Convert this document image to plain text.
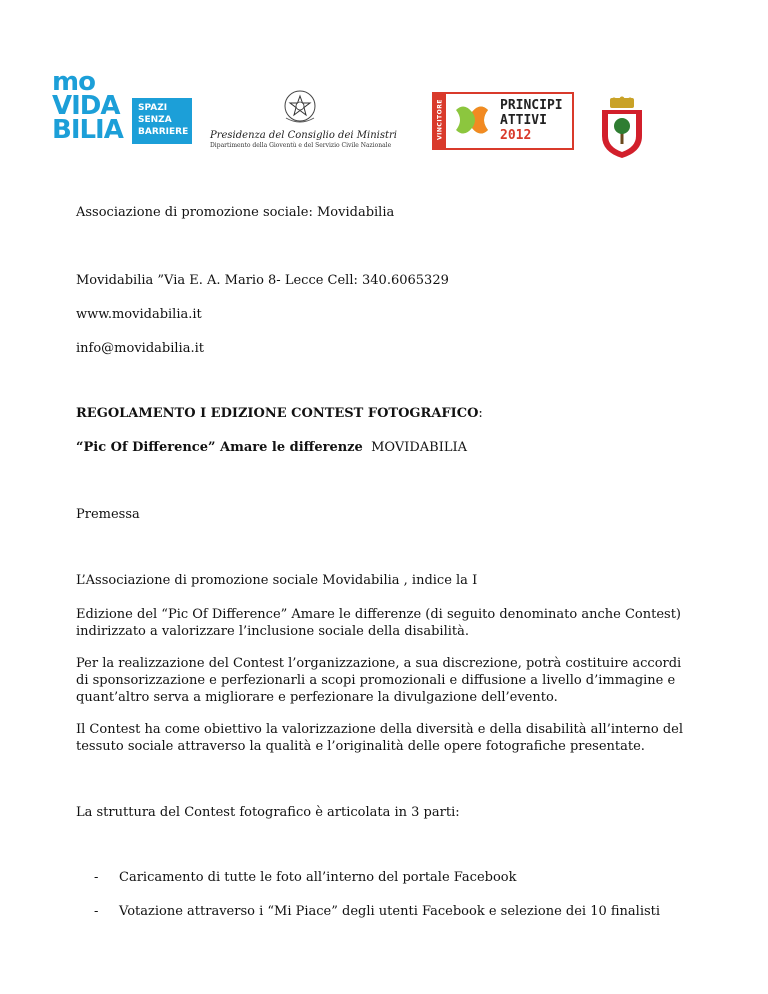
mo
VIDA
BILIA
SPAZI
SENZA
BARRIERE	Presidenza del Consiglio dei Ministri
Dipartimento della Gioventù e del Servizio Civile Nazionale
VINCITORE	PRINCIPI
ATTIVI
2012
Associazione di promozione sociale: Movidabilia
Movidabilia ”Via E. A. Mario 8- Lecce Cell: 340.6065329
www.movidabilia.it
info@movidabilia.it
REGOLAMENTO I EDIZIONE CONTEST FOTOGRAFICO:
“Pic Of Difference” Amare le differenze MOVIDABILIA
Premessa
L’Associazione di promozione sociale Movidabilia , indice la I
Edizione del “Pic Of Difference” Amare le differenze (di seguito denominato anche Contest) indirizzato a valorizzare l’inclusione sociale della disabilità.
Per la realizzazione del Contest l’organizzazione, a sua discrezione, potrà costituire accordi di sponsorizzazione e perfezionarli a scopi promozionali e diffusione a livello d’immagine e quant’altro serva a migliorare e perfezionare la divulgazione dell’evento.
Il Contest ha come obiettivo la valorizzazione della diversità e della disabilità all’interno del tessuto sociale attraverso la qualità e l’originalità delle opere fotografiche presentate.
La struttura del Contest fotografico è articolata in 3 parti:
- Caricamento di tutte le foto all’interno del portale Facebook
- Votazione attraverso i “Mi Piace” degli utenti Facebook e selezione dei 10 finalisti
